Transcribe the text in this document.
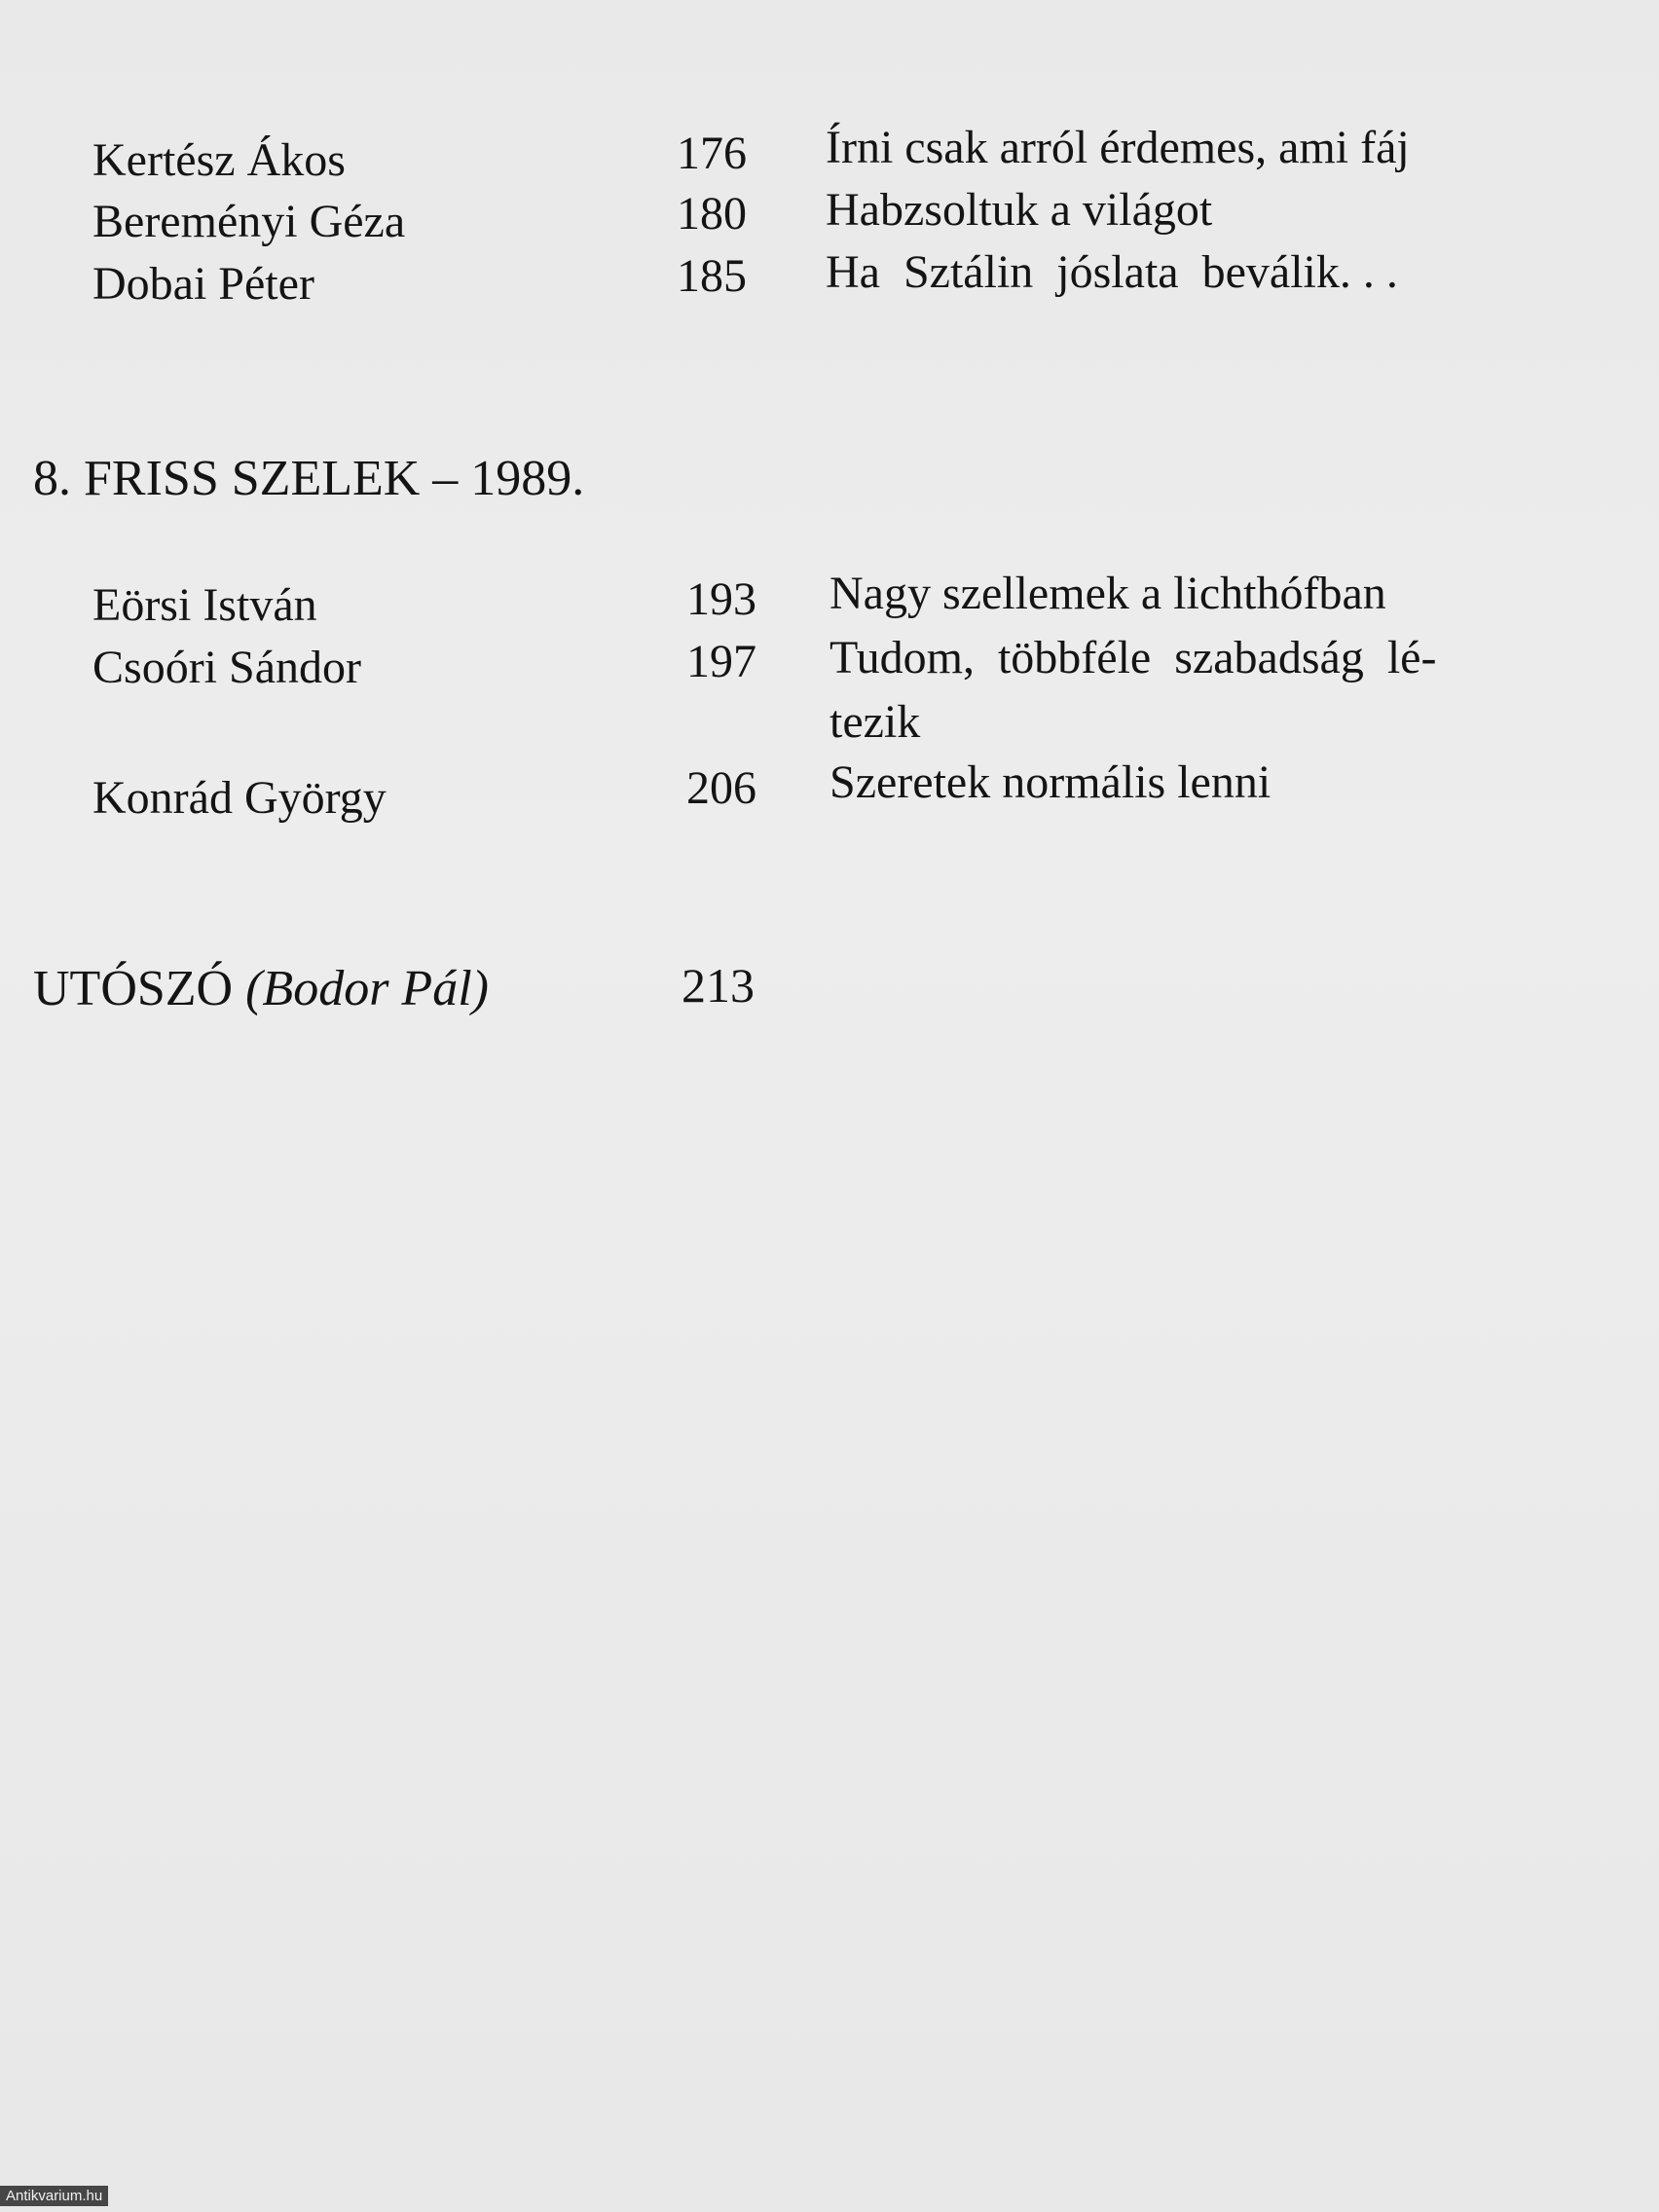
Kertész Ákos	176 Írni csak arról érdemes, ami fáj
Bereményi Géza	180 Habzsoltuk a világot
Dobai Péter	185 Ha  Sztálin  jóslata  beválik. . .
8. FRISS SZELEK – 1989.
Eörsi István	193 Nagy szellemek a lichthófban
Csoóri Sándor	197 Tudom,  többféle  szabadság  lé-
tezik
Konrád György	206 Szeretek normális lenni
UTÓSZÓ (Bodor Pál)	213
Antikvarium.hu
